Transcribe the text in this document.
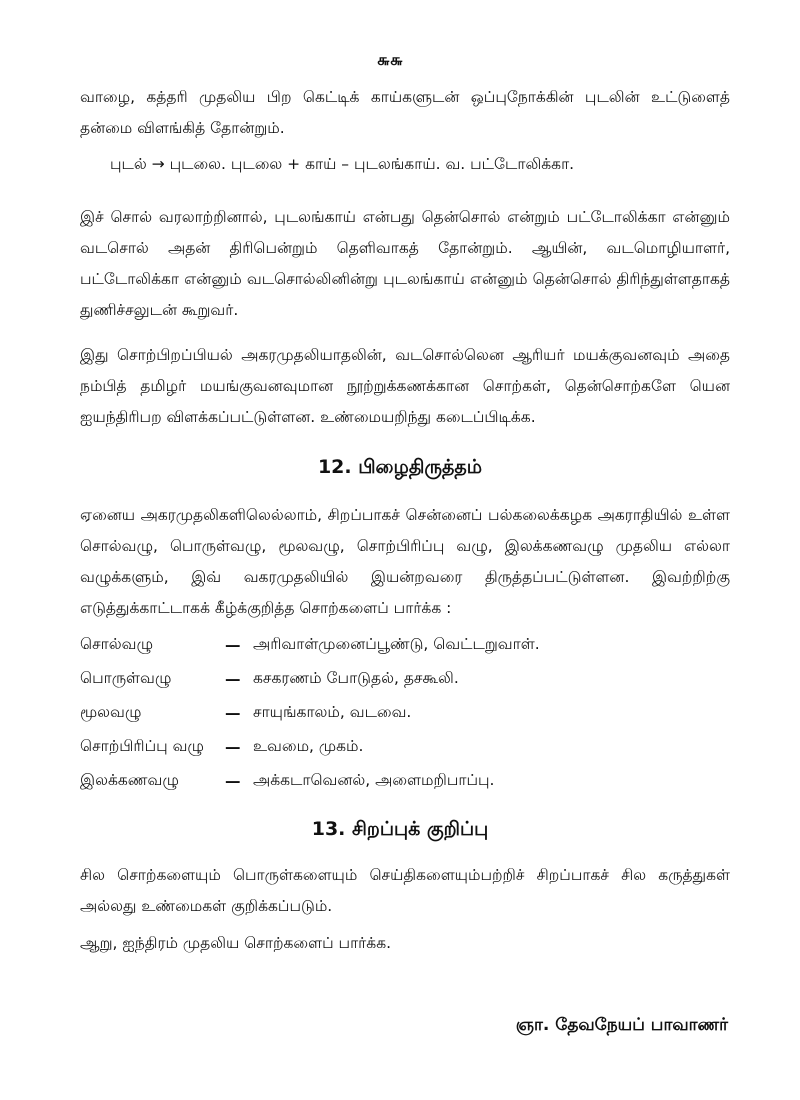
௬௬

வாழை, கத்தரி முதலிய பிற கெட்டிக் காய்களுடன் ஒப்புநோக்கின் புடலின் உட்டுளைத் தன்மை விளங்கித் தோன்றும்.

புடல் → புடலை. புடலை + காய் – புடலங்காய். வ. பட்டோலிக்கா.

இச் சொல் வரலாற்றினால், புடலங்காய் என்பது தென்சொல் என்றும் பட்டோலிக்கா என்னும் வடசொல் அதன் திரிபென்றும் தெளிவாகத் தோன்றும். ஆயின், வடமொழியாளர், பட்டோலிக்கா என்னும் வடசொல்லினின்று புடலங்காய் என்னும் தென்சொல் திரிந்துள்ளதாகத் துணிச்சலுடன் கூறுவர்.

இது சொற்பிறப்பியல் அகரமுதலியாதலின், வடசொல்லென ஆரியர் மயக்குவனவும் அதை நம்பித் தமிழர் மயங்குவனவுமான நூற்றுக்கணக்கான சொற்கள், தென்சொற்களே யென ஐயந்திரிபற விளக்கப்பட்டுள்ளன. உண்மையறிந்து கடைப்பிடிக்க.

12. பிழைதிருத்தம்

ஏனைய அகரமுதலிகளிலெல்லாம், சிறப்பாகச் சென்னைப் பல்கலைக்கழக அகராதியில் உள்ள சொல்வழு, பொருள்வழு, மூலவழு, சொற்பிரிப்பு வழு, இலக்கணவழு முதலிய எல்லா வழுக்களும், இவ் வகரமுதலியில் இயன்றவரை திருத்தப்பட்டுள்ளன. இவற்றிற்கு எடுத்துக்காட்டாகக் கீழ்க்குறித்த சொற்களைப் பார்க்க :

சொல்வழு	— அரிவாள்முனைப்பூண்டு, வெட்டறுவாள்.
பொருள்வழு	— கசகரணம் போடுதல், தசகூலி.
மூலவழு	— சாயுங்காலம், வடவை.
சொற்பிரிப்பு வழு	— உவமை, முகம்.
இலக்கணவழு	— அக்கடாவெனல், அளைமறிபாப்பு.
13. சிறப்புக் குறிப்பு

சில சொற்களையும் பொருள்களையும் செய்திகளையும்பற்றிச் சிறப்பாகச் சில கருத்துகள் அல்லது உண்மைகள் குறிக்கப்படும்.

ஆறு, ஐந்திரம் முதலிய சொற்களைப் பார்க்க.

ஞா. தேவநேயப் பாவாணர்
